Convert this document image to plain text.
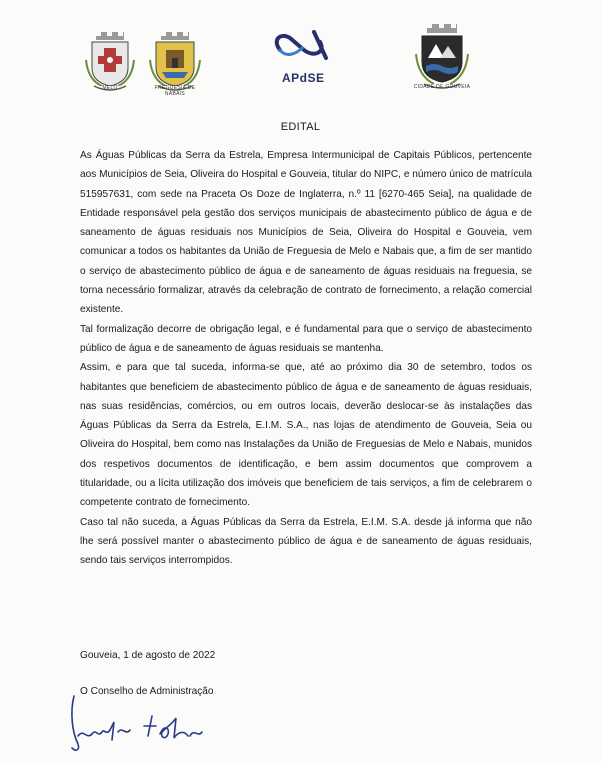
MELO	FREGUESIA DE NABAIS
APdSE
CIDADE DE GOUVEIA
EDITAL

As Águas Públicas da Serra da Estrela, Empresa Intermunicipal de Capitais Públicos, pertencente aos Municípios de Seia, Oliveira do Hospital e Gouveia, titular do NIPC, e número único de matrícula 515957631, com sede na Praceta Os Doze de Inglaterra, n.º 11 [6270-465 Seia], na qualidade de Entidade responsável pela gestão dos serviços municipais de abastecimento público de água e de saneamento de águas residuais nos Municípios de Seia, Oliveira do Hospital e Gouveia, vem comunicar a todos os habitantes da União de Freguesia de Melo e Nabais que, a fim de ser mantido o serviço de abastecimento público de água e de saneamento de águas residuais na freguesia, se torna necessário formalizar, através da celebração de contrato de fornecimento, a relação comercial existente.

Tal formalização decorre de obrigação legal, e é fundamental para que o serviço de abastecimento público de água e de saneamento de águas residuais se mantenha.

Assim, e para que tal suceda, informa-se que, até ao próximo dia 30 de setembro, todos os habitantes que beneficiem de abastecimento público de água e de saneamento de águas residuais, nas suas residências, comércios, ou em outros locais, deverão deslocar-se às instalações das Águas Públicas da Serra da Estrela, E.I.M. S.A., nas lojas de atendimento de Gouveia, Seia ou Oliveira do Hospital, bem como nas Instalações da União de Freguesias de Melo e Nabais, munidos dos respetivos documentos de identificação, e bem assim documentos que comprovem a titularidade, ou a lícita utilização dos imóveis que beneficiem de tais serviços, a fim de celebrarem o competente contrato de fornecimento.

Caso tal não suceda, a Águas Públicas da Serra da Estrela, E.I.M. S.A. desde já informa que não lhe será possível manter o abastecimento público de água e de saneamento de águas residuais, sendo tais serviços interrompidos.

Gouveia, 1 de agosto de 2022
O Conselho de Administração
